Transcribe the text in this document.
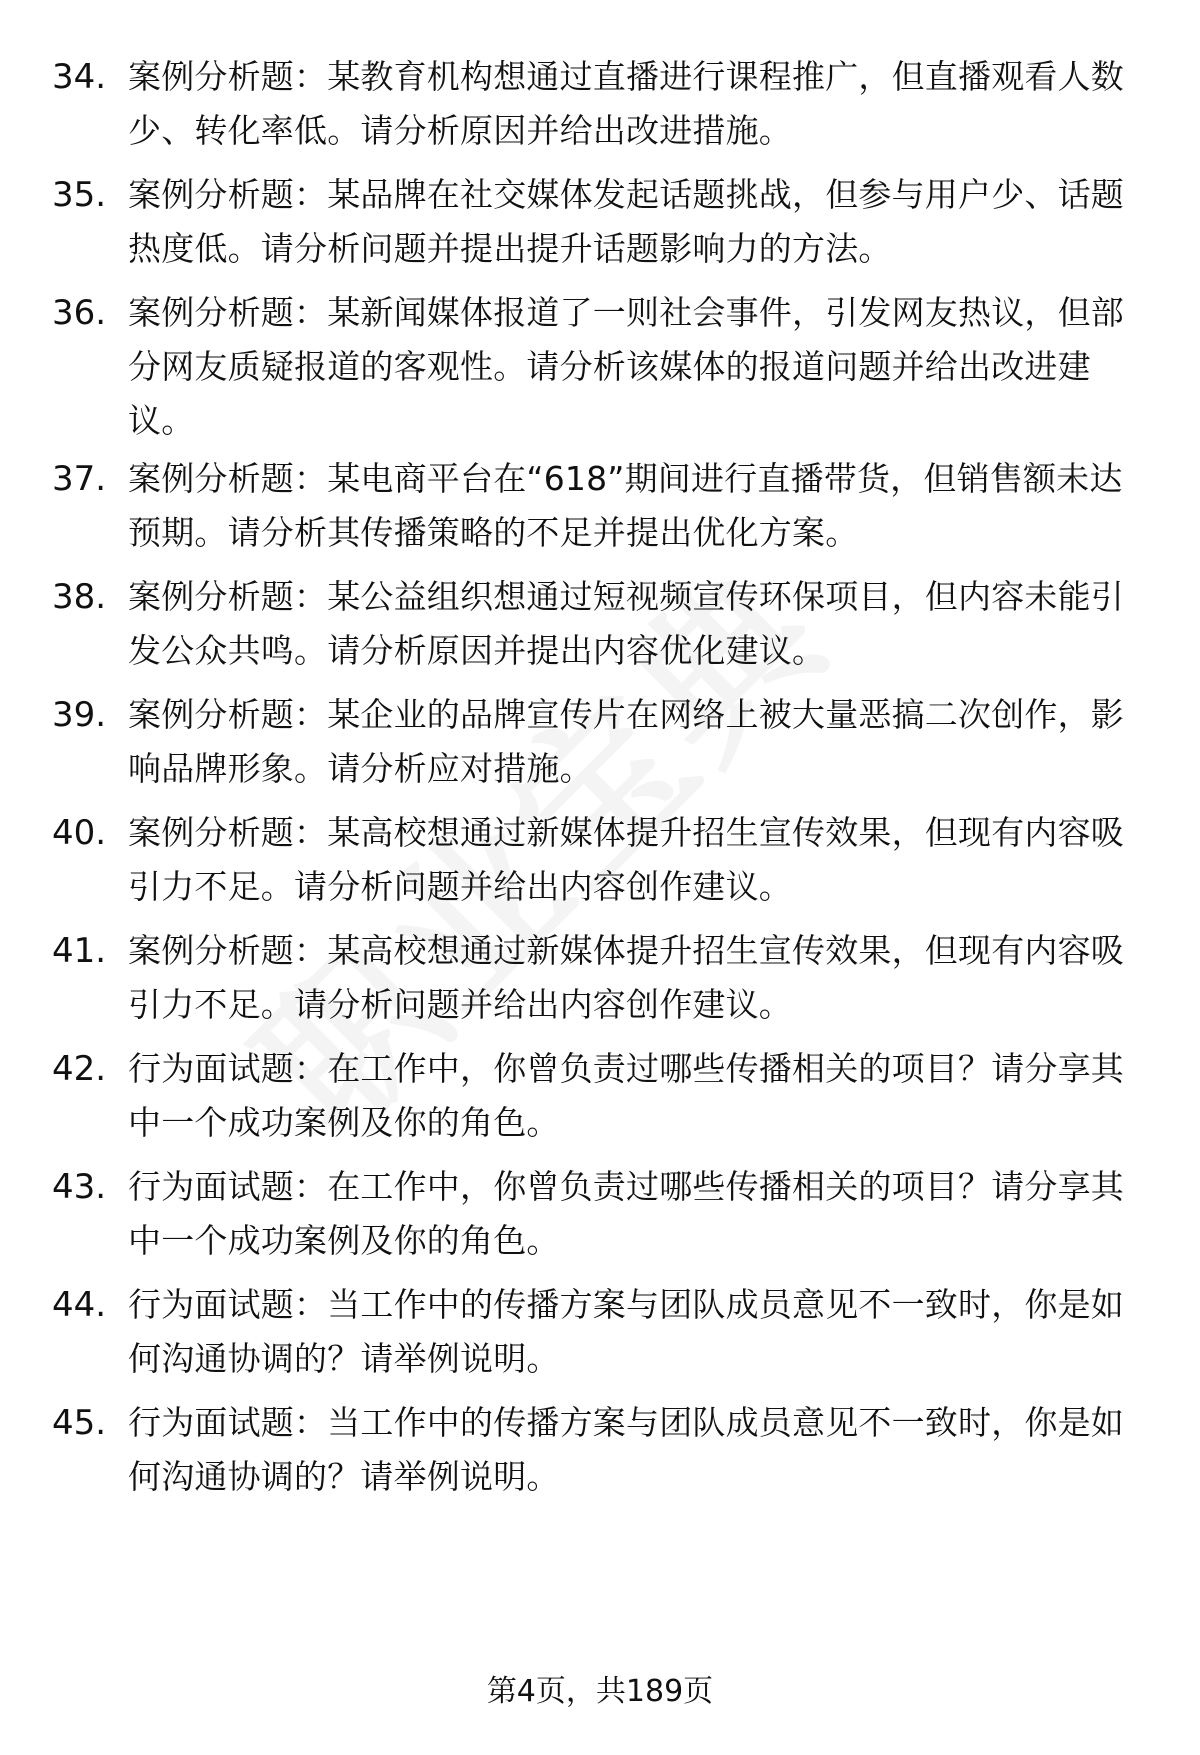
34. 案例分析题：某教育机构想通过直播进行课程推广，但直播观看人数少、转化率低。请分析原因并给出改进措施。
35. 案例分析题：某品牌在社交媒体发起话题挑战，但参与用户少、话题热度低。请分析问题并提出提升话题影响力的方法。
36. 案例分析题：某新闻媒体报道了一则社会事件，引发网友热议，但部分网友质疑报道的客观性。请分析该媒体的报道问题并给出改进建议。
37. 案例分析题：某电商平台在“618”期间进行直播带货，但销售额未达预期。请分析其传播策略的不足并提出优化方案。
38. 案例分析题：某公益组织想通过短视频宣传环保项目，但内容未能引发公众共鸣。请分析原因并提出内容优化建议。
39. 案例分析题：某企业的品牌宣传片在网络上被大量恶搞二次创作，影响品牌形象。请分析应对措施。
40. 案例分析题：某高校想通过新媒体提升招生宣传效果，但现有内容吸引力不足。请分析问题并给出内容创作建议。
41. 案例分析题：某高校想通过新媒体提升招生宣传效果，但现有内容吸引力不足。请分析问题并给出内容创作建议。
42. 行为面试题：在工作中，你曾负责过哪些传播相关的项目？请分享其中一个成功案例及你的角色。
43. 行为面试题：在工作中，你曾负责过哪些传播相关的项目？请分享其中一个成功案例及你的角色。
44. 行为面试题：当工作中的传播方案与团队成员意见不一致时，你是如何沟通协调的？请举例说明。
45. 行为面试题：当工作中的传播方案与团队成员意见不一致时，你是如何沟通协调的？请举例说明。
第4页，共189页
